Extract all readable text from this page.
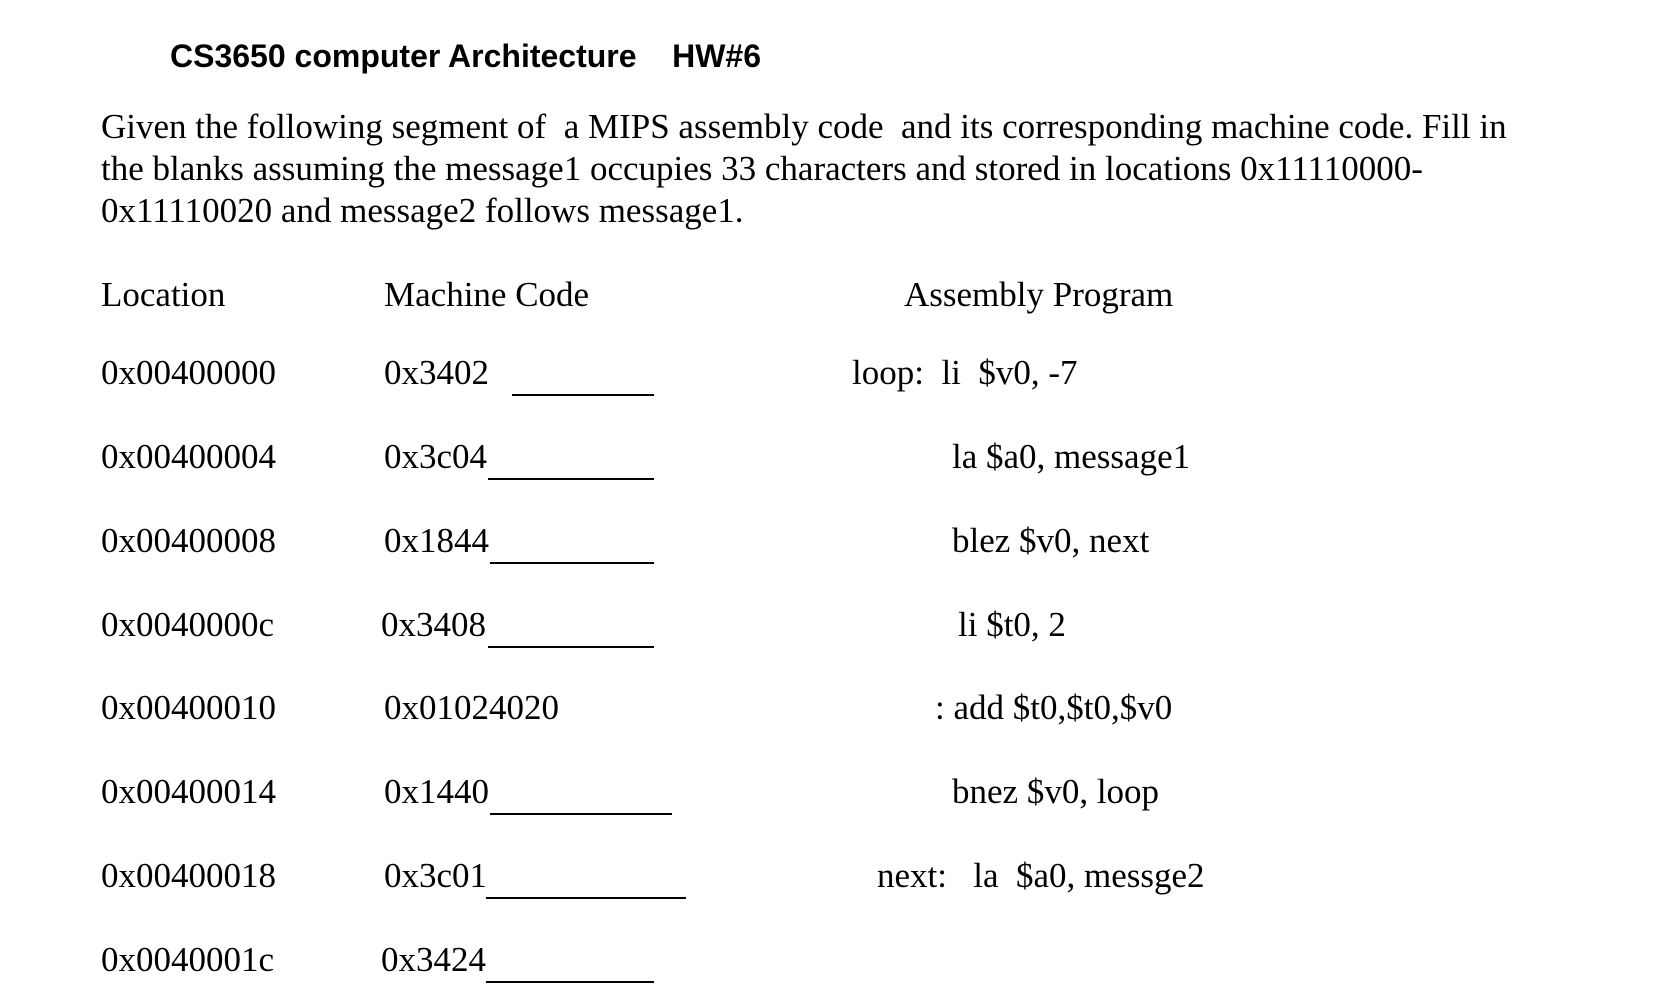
CS3650 computer Architecture    HW#6
Given the following segment of  a MIPS assembly code  and its corresponding machine code. Fill in
the blanks assuming the message1 occupies 33 characters and stored in locations 0x11110000-
0x11110020 and message2 follows message1.
Location	Machine Code	Assembly Program
0x00400000	0x3402	loop:  li  $v0, -7
0x00400004	0x3c04	la $a0, message1
0x00400008	0x1844	blez $v0, next
0x0040000c	0x3408	li $t0, 2
0x00400010	0x01024020	: add $t0,$t0,$v0
0x00400014	0x1440	bnez $v0, loop
0x00400018	0x3c01	next:   la  $a0, messge2
0x0040001c	0x3424
